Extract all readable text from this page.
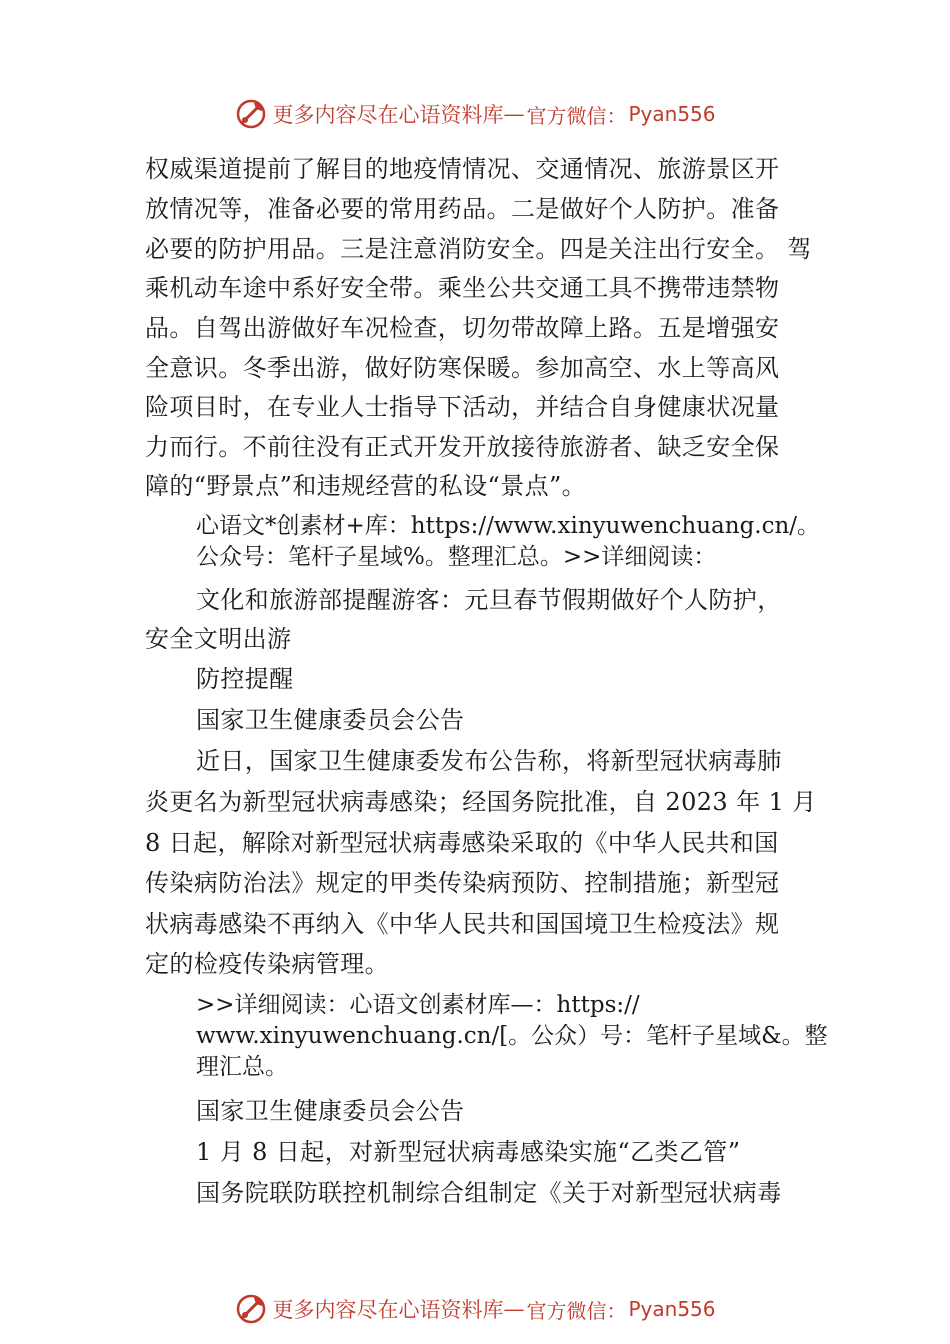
更多内容尽在心语资料库 — 官方微信： Pyan556
权威渠道提前了解目的地疫情情况、交通情况、旅游景区开
放情况等，准备必要的常用药品。二是做好个人防护。准备
必要的防护用品。三是注意消防安全。四是关注出行安全。 驾
乘机动车途中系好安全带。乘坐公共交通工具不携带违禁物
品。自驾出游做好车况检查，切勿带故障上路。五是增强安
全意识。冬季出游，做好防寒保暖。参加高空、水上等高风
险项目时，在专业人士指导下活动，并结合自身健康状况量
力而行。不前往没有正式开发开放接待旅游者、缺乏安全保
障的“野景点”和违规经营的私设“景点”。
心语文*创素材+库：https://www.xinyuwenchuang.cn/。
公众号：笔杆子星域%。整理汇总。>>详细阅读：
文化和旅游部提醒游客：元旦春节假期做好个人防护，
安全文明出游
防控提醒
国家卫生健康委员会公告
近日，国家卫生健康委发布公告称，将新型冠状病毒肺
炎更名为新型冠状病毒感染；经国务院批准，自 2023 年 1 月
8 日起，解除对新型冠状病毒感染采取的《中华人民共和国
传染病防治法》规定的甲类传染病预防、控制措施；新型冠
状病毒感染不再纳入《中华人民共和国国境卫生检疫法》规
定的检疫传染病管理。
>>详细阅读：心语文创素材库—：https://
www.xinyuwenchuang.cn/[。公众）号：笔杆子星域&。整
理汇总。
国家卫生健康委员会公告
1 月 8 日起，对新型冠状病毒感染实施“乙类乙管”
国务院联防联控机制综合组制定《关于对新型冠状病毒
更多内容尽在心语资料库 — 官方微信： Pyan556
